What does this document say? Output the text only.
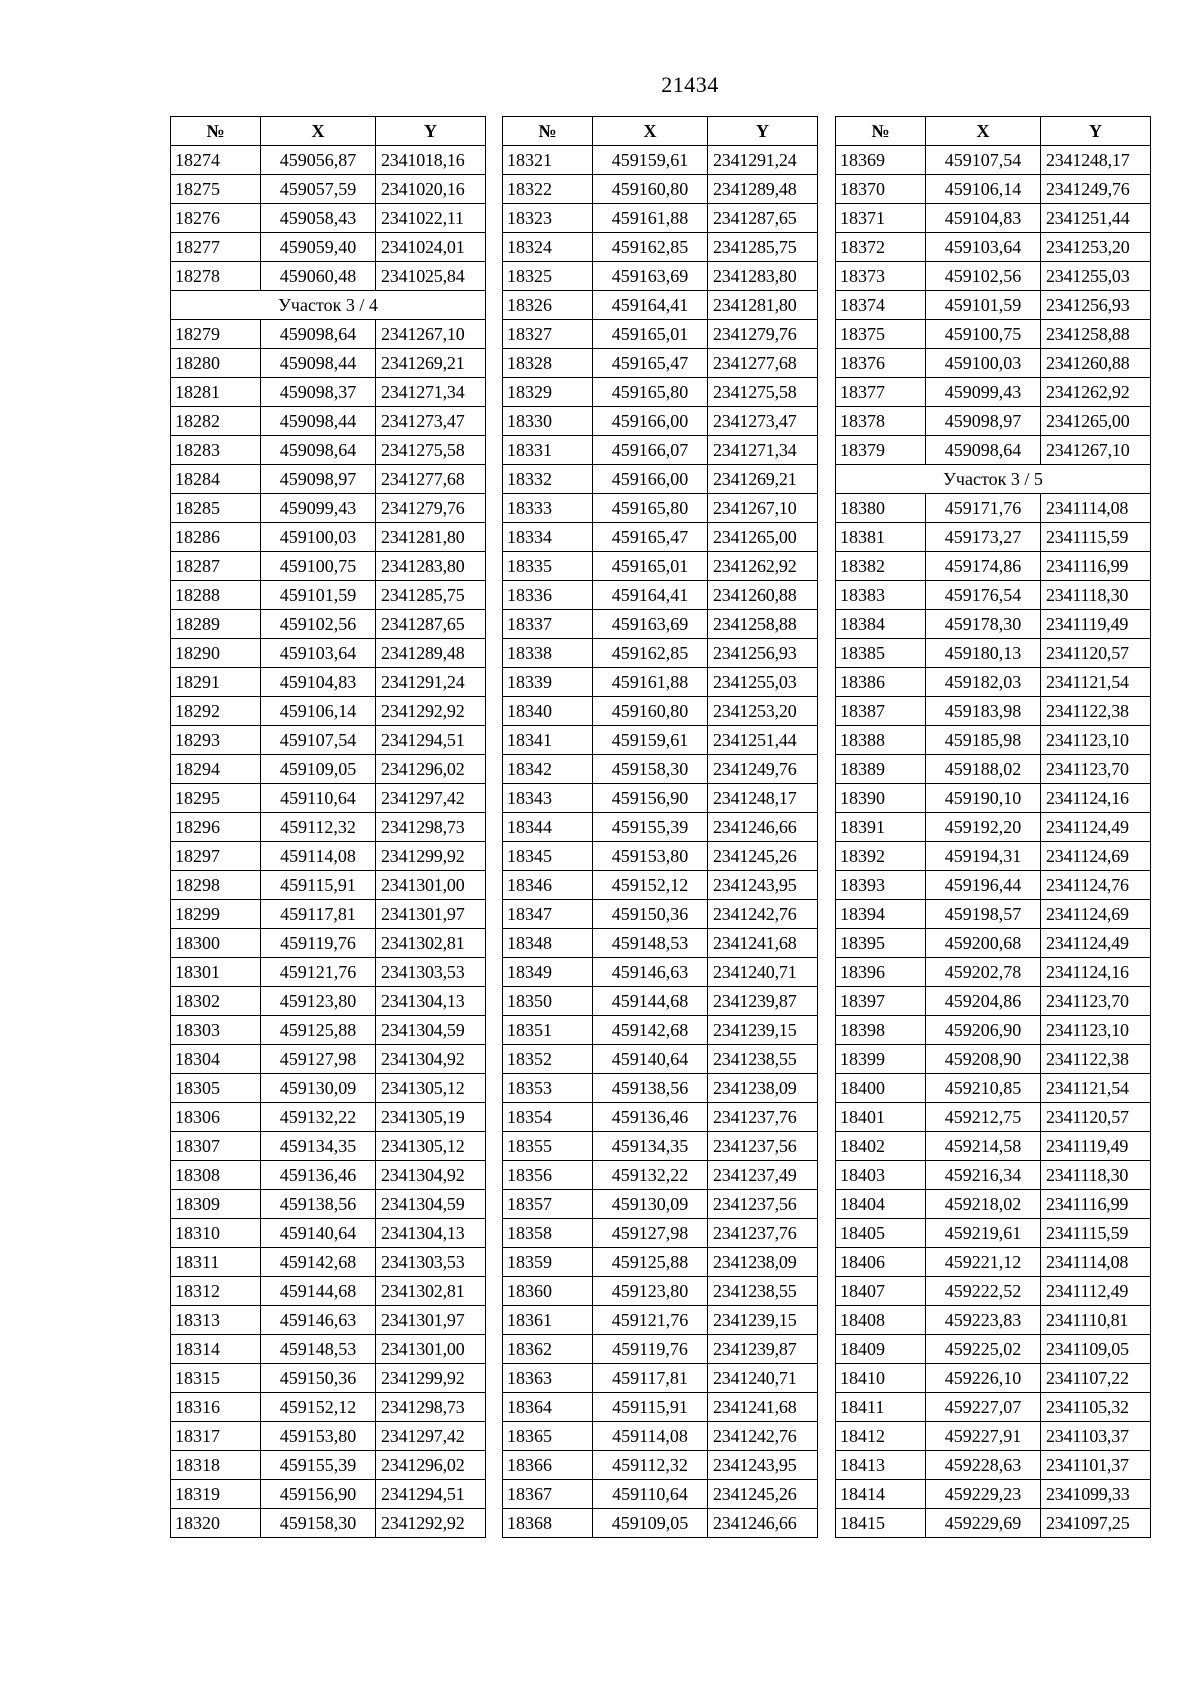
21434
№	X	Y
18274	459056,87	2341018,16
18275	459057,59	2341020,16
18276	459058,43	2341022,11
18277	459059,40	2341024,01
18278	459060,48	2341025,84
Участок 3 / 4		
18279	459098,64	2341267,10
18280	459098,44	2341269,21
18281	459098,37	2341271,34
18282	459098,44	2341273,47
18283	459098,64	2341275,58
18284	459098,97	2341277,68
18285	459099,43	2341279,76
18286	459100,03	2341281,80
18287	459100,75	2341283,80
18288	459101,59	2341285,75
18289	459102,56	2341287,65
18290	459103,64	2341289,48
18291	459104,83	2341291,24
18292	459106,14	2341292,92
18293	459107,54	2341294,51
18294	459109,05	2341296,02
18295	459110,64	2341297,42
18296	459112,32	2341298,73
18297	459114,08	2341299,92
18298	459115,91	2341301,00
18299	459117,81	2341301,97
18300	459119,76	2341302,81
18301	459121,76	2341303,53
18302	459123,80	2341304,13
18303	459125,88	2341304,59
18304	459127,98	2341304,92
18305	459130,09	2341305,12
18306	459132,22	2341305,19
18307	459134,35	2341305,12
18308	459136,46	2341304,92
18309	459138,56	2341304,59
18310	459140,64	2341304,13
18311	459142,68	2341303,53
18312	459144,68	2341302,81
18313	459146,63	2341301,97
18314	459148,53	2341301,00
18315	459150,36	2341299,92
18316	459152,12	2341298,73
18317	459153,80	2341297,42
18318	459155,39	2341296,02
18319	459156,90	2341294,51
18320	459158,30	2341292,92
№	X	Y
18321	459159,61	2341291,24
18322	459160,80	2341289,48
18323	459161,88	2341287,65
18324	459162,85	2341285,75
18325	459163,69	2341283,80
18326	459164,41	2341281,80
18327	459165,01	2341279,76
18328	459165,47	2341277,68
18329	459165,80	2341275,58
18330	459166,00	2341273,47
18331	459166,07	2341271,34
18332	459166,00	2341269,21
18333	459165,80	2341267,10
18334	459165,47	2341265,00
18335	459165,01	2341262,92
18336	459164,41	2341260,88
18337	459163,69	2341258,88
18338	459162,85	2341256,93
18339	459161,88	2341255,03
18340	459160,80	2341253,20
18341	459159,61	2341251,44
18342	459158,30	2341249,76
18343	459156,90	2341248,17
18344	459155,39	2341246,66
18345	459153,80	2341245,26
18346	459152,12	2341243,95
18347	459150,36	2341242,76
18348	459148,53	2341241,68
18349	459146,63	2341240,71
18350	459144,68	2341239,87
18351	459142,68	2341239,15
18352	459140,64	2341238,55
18353	459138,56	2341238,09
18354	459136,46	2341237,76
18355	459134,35	2341237,56
18356	459132,22	2341237,49
18357	459130,09	2341237,56
18358	459127,98	2341237,76
18359	459125,88	2341238,09
18360	459123,80	2341238,55
18361	459121,76	2341239,15
18362	459119,76	2341239,87
18363	459117,81	2341240,71
18364	459115,91	2341241,68
18365	459114,08	2341242,76
18366	459112,32	2341243,95
18367	459110,64	2341245,26
18368	459109,05	2341246,66
№	X	Y
18369	459107,54	2341248,17
18370	459106,14	2341249,76
18371	459104,83	2341251,44
18372	459103,64	2341253,20
18373	459102,56	2341255,03
18374	459101,59	2341256,93
18375	459100,75	2341258,88
18376	459100,03	2341260,88
18377	459099,43	2341262,92
18378	459098,97	2341265,00
18379	459098,64	2341267,10
Участок 3 / 5		
18380	459171,76	2341114,08
18381	459173,27	2341115,59
18382	459174,86	2341116,99
18383	459176,54	2341118,30
18384	459178,30	2341119,49
18385	459180,13	2341120,57
18386	459182,03	2341121,54
18387	459183,98	2341122,38
18388	459185,98	2341123,10
18389	459188,02	2341123,70
18390	459190,10	2341124,16
18391	459192,20	2341124,49
18392	459194,31	2341124,69
18393	459196,44	2341124,76
18394	459198,57	2341124,69
18395	459200,68	2341124,49
18396	459202,78	2341124,16
18397	459204,86	2341123,70
18398	459206,90	2341123,10
18399	459208,90	2341122,38
18400	459210,85	2341121,54
18401	459212,75	2341120,57
18402	459214,58	2341119,49
18403	459216,34	2341118,30
18404	459218,02	2341116,99
18405	459219,61	2341115,59
18406	459221,12	2341114,08
18407	459222,52	2341112,49
18408	459223,83	2341110,81
18409	459225,02	2341109,05
18410	459226,10	2341107,22
18411	459227,07	2341105,32
18412	459227,91	2341103,37
18413	459228,63	2341101,37
18414	459229,23	2341099,33
18415	459229,69	2341097,25
